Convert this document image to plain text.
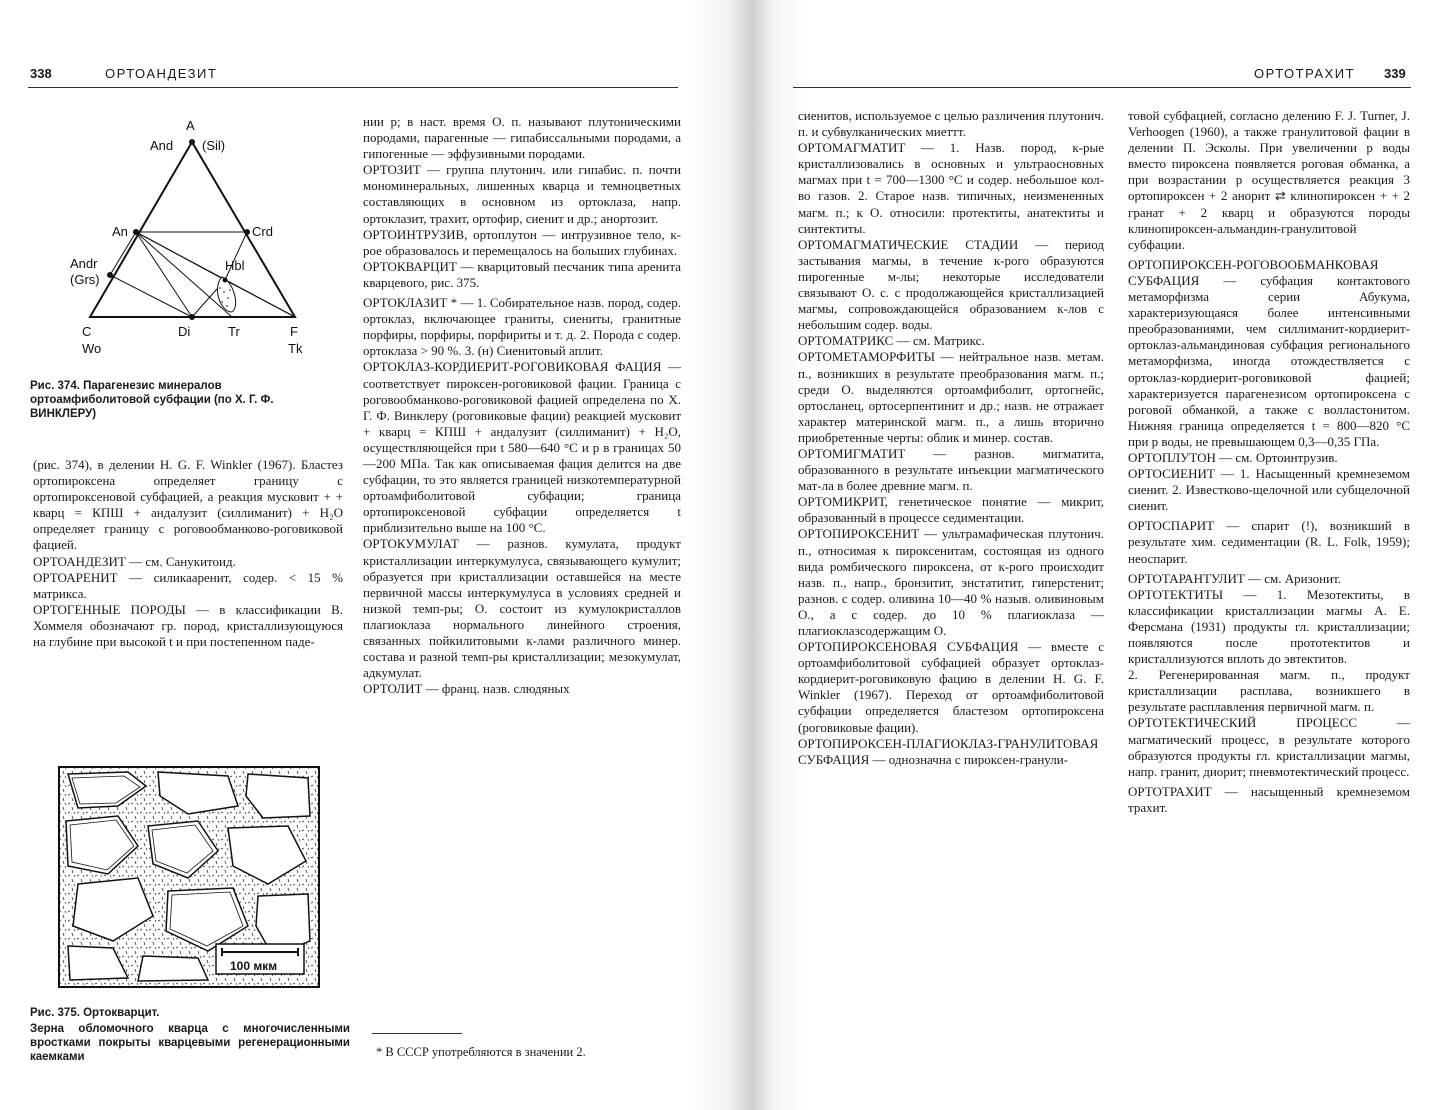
338	ОРТОАНДЕЗИТ
A
And (Sil)
An	Crd
Andr
(Grs)
Hbl
C
Wo
Di	Tr	F
Tk
Рис. 374. Парагенезис минералов ортоамфиболитовой субфации (по Х. Г. Ф. ВИНКЛЕРУ)

(рис. 374), в делении H. G. F. Winkler (1967). Бластез ортопироксена определяет границу с ортопироксеновой субфацией, а реакция мусковит + + кварц = КПШ + андалузит (силлиманит) + H₂O определяет границу с роговообманково-роговиковой фацией.

ОРТОАНДЕЗИТ — см. Санукитоид.

ОРТОАРЕНИТ — силикааренит, содер. < 15 % матрикса.

ОРТОГЕННЫЕ ПОРОДЫ — в классификации В. Хоммеля обозначают гр. пород, кристаллизующуюся на глубине при высокой t и при постепенном паде-

100 мкм
Рис. 375. Ортокварцит.
Зерна обломочного кварца с многочисленными вростками покрыты кварцевыми регенерационными каемками

нии p; в наст. время О. п. называют плутоническими породами, парагенные — гипабиссальными породами, а гипогенные — эффузивными породами.

ОРТОЗИТ — группа плутонич. или гипабис. п. почти мономинеральных, лишенных кварца и темноцветных составляющих в основном из ортоклаза, напр. ортоклазит, трахит, ортофир, сиенит и др.; анортозит.

ОРТОИНТРУЗИВ, ортоплутон — интрузивное тело, к-рое образовалось и перемещалось на больших глубинах.

ОРТОКВАРЦИТ — кварцитовый песчаник типа аренита кварцевого, рис. 375.

ОРТОКЛАЗИТ * — 1. Собирательное назв. пород, содер. ортоклаз, включающее граниты, сиениты, гранитные порфиры, порфиры, порфириты и т. д. 2. Порода с содер. ортоклаза > 90 %. 3. (н) Сиенитовый аплит.

ОРТОКЛАЗ-КОРДИЕРИТ-РОГОВИКОВАЯ ФАЦИЯ — соответствует пироксен-роговиковой фации. Граница с роговообманково-роговиковой фацией определена по Х. Г. Ф. Винклеру (роговиковые фации) реакцией мусковит + кварц = КПШ + андалузит (силлиманит) + H₂O, осуществляющейся при t 580—640 °C и p в границах 50—200 МПа. Так как описываемая фация делится на две субфации, то это является границей низкотемпературной ортоамфиболитовой субфации; граница ортопироксеновой субфации определяется t приблизительно выше на 100 °C.

ОРТОКУМУЛАТ — разнов. кумулата, продукт кристаллизации интеркумулуса, связывающего кумулит; образуется при кристаллизации оставшейся на месте первичной массы интеркумулуса в условиях средней и низкой темп-ры; О. состоит из кумулокристаллов плагиоклаза нормального линейного строения, связанных пойкилитовыми к-лами различного минер. состава и разной темп-ры кристаллизации; мезокумулат, адкумулат.

ОРТОЛИТ — франц. назв. слюдяных

* В СССР употребляются в значении 2.
ОРТОТРАХИТ 339

сиенитов, используемое с целью различения плутонич. п. и субвулканических миеттт.

ОРТОМАГМАТИТ — 1. Назв. пород, к-рые кристаллизовались в основных и ультраосновных магмах при t = 700—1300 °C и содер. небольшое кол-во газов. 2. Старое назв. типичных, неизмененных магм. п.; к О. относили: протектиты, анатектиты и синтектиты.

ОРТОМАГМАТИЧЕСКИЕ СТАДИИ — период застывания магмы, в течение к-рого образуются пирогенные м-лы; некоторые исследователи связывают О. с. с продолжающейся кристаллизацией магмы, сопровождающейся образованием к-лов с небольшим содер. воды.

ОРТОМАТРИКС — см. Матрикс.

ОРТОМЕТАМОРФИТЫ — нейтральное назв. метам. п., возникших в результате преобразования магм. п.; среди О. выделяются ортоамфиболит, ортогнейс, ортосланец, ортосерпентинит и др.; назв. не отражает характер материнской магм. п., а лишь вторично приобретенные черты: облик и минер. состав.

ОРТОМИГМАТИТ — разнов. мигматита, образованного в результате инъекции магматического мат-ла в более древние магм. п.

ОРТОМИКРИТ, генетическое понятие — микрит, образованный в процессе седиментации.

ОРТОПИРОКСЕНИТ — ультрамафическая плутонич. п., относимая к пироксенитам, состоящая из одного вида ромбического пироксена, от к-рого происходит назв. п., напр., бронзитит, энстатитит, гиперстенит; разнов. с содер. оливина 10—40 % назыв. оливиновым О., а с содер. до 10 % плагиоклаза — плагиоклазсодержащим О.

ОРТОПИРОКСЕНОВАЯ СУБФАЦИЯ — вместе с ортоамфиболитовой субфацией образует ортоклаз-кордиерит-роговиковую фацию в делении H. G. F. Winkler (1967). Переход от ортоамфиболитовой субфации определяется бластезом ортопироксена (роговиковые фации).

ОРТОПИРОКСЕН-ПЛАГИОКЛАЗ-ГРАНУЛИТОВАЯ СУБФАЦИЯ — однозначна с пироксен-гранули-

товой субфацией, согласно делению F. J. Turner, J. Verhoogen (1960), а также гранулитовой фации в делении П. Эсколы. При увеличении p воды вместо пироксена появляется роговая обманка, а при возрастании p осуществляется реакция 3 ортопироксен + 2 анорит ⇄ клинопироксен + + 2 гранат + 2 кварц и образуются породы клинопироксен-альмандин-гранулитовой субфации.

ОРТОПИРОКСЕН-РОГОВООБМАНКОВАЯ СУБФАЦИЯ — субфация контактового метаморфизма серии Абукума, характеризующаяся более интенсивными преобразованиями, чем силлиманит-кордиерит-ортоклаз-альмандиновая субфация регионального метаморфизма, иногда отождествляется с ортоклаз-кордиерит-роговиковой фацией; характеризуется парагенезисом ортопироксена с роговой обманкой, а также с волластонитом. Нижняя граница определяется t = 800—820 °C при p воды, не превышающем 0,3—0,35 ГПа.

ОРТОПЛУТОН — см. Ортоинтрузив.

ОРТОСИЕНИТ — 1. Насыщенный кремнеземом сиенит. 2. Известково-щелочной или субщелочной сиенит.

ОРТОСПАРИТ — спарит (!), возникший в результате хим. седиментации (R. L. Folk, 1959); неоспарит.

ОРТОТАРАНТУЛИТ — см. Аризонит.

ОРТОТЕКТИТЫ — 1. Мезотектиты, в классификации кристаллизации магмы А. Е. Ферсмана (1931) продукты гл. кристаллизации; появляются после прототектитов и кристаллизуются вплоть до эвтектитов.

2. Регенерированная магм. п., продукт кристаллизации расплава, возникшего в результате расплавления первичной магм. п.

ОРТОТЕКТИЧЕСКИЙ ПРОЦЕСС — магматический процесс, в результате которого образуются продукты гл. кристаллизации магмы, напр. гранит, диорит; пневмотектический процесс.

ОРТОТРАХИТ — насыщенный кремнеземом трахит.
